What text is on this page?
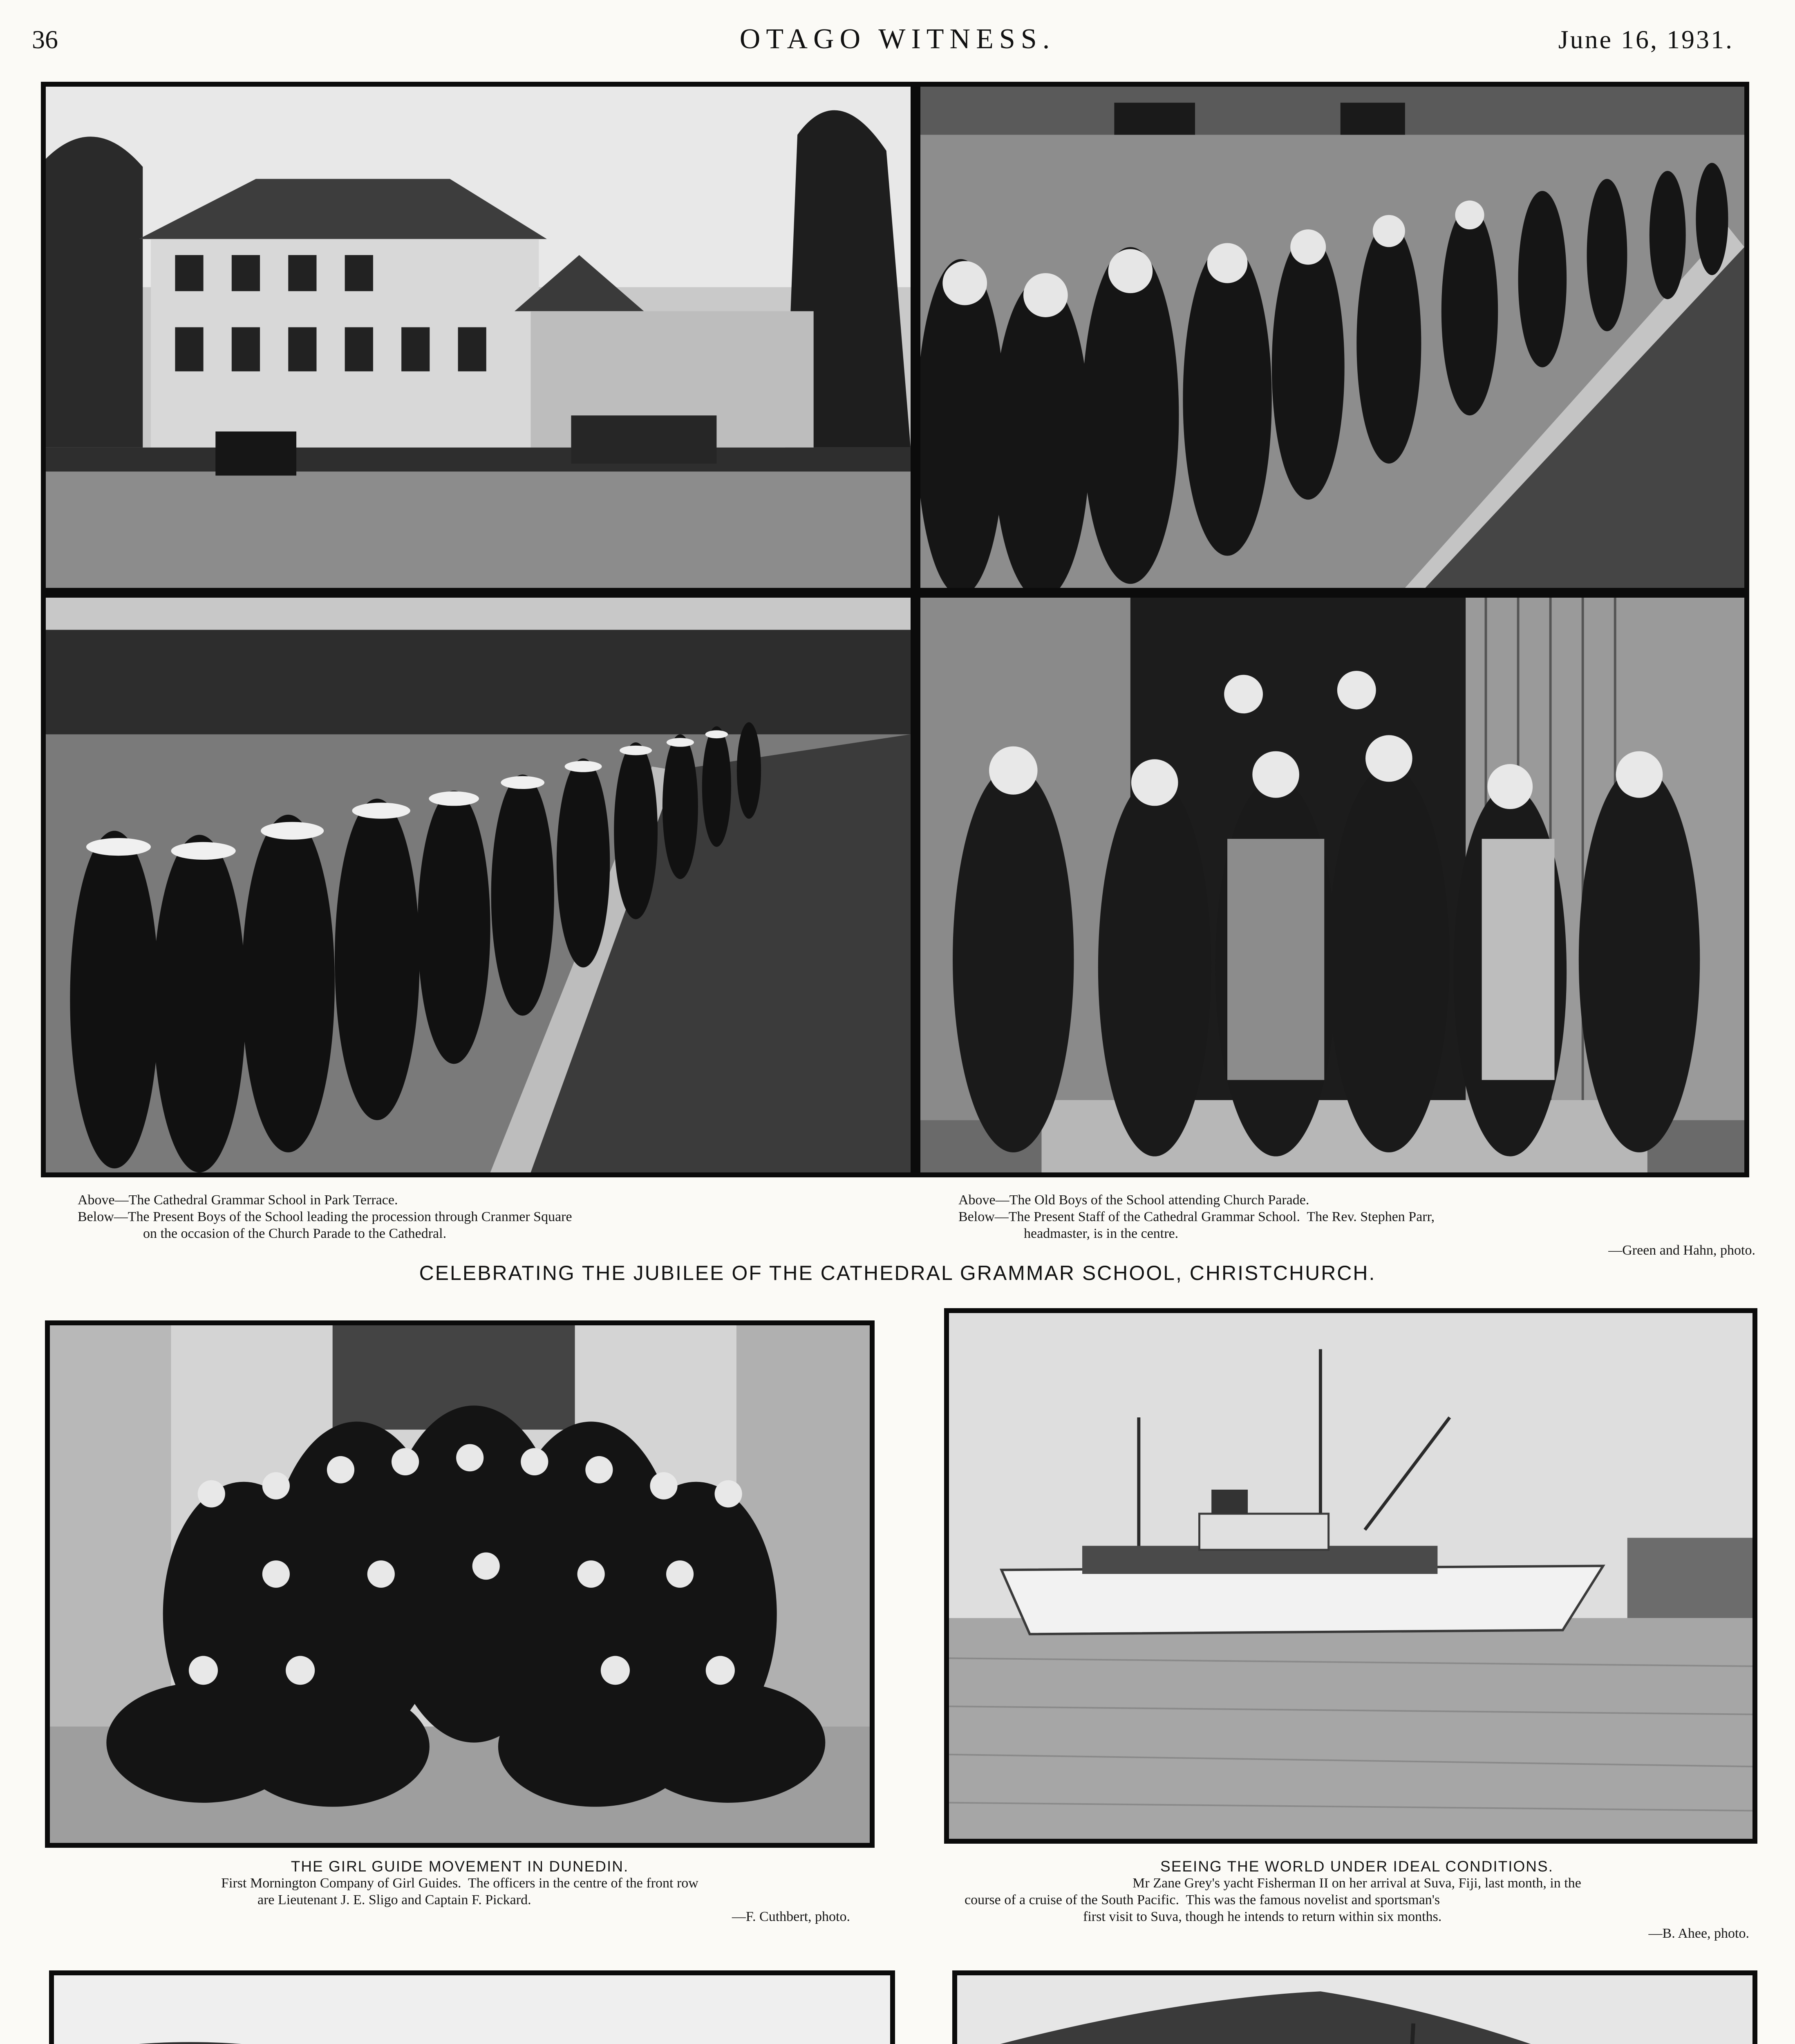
36	OTAGO WITNESS.	June 16, 1931.
Above—The Cathedral Grammar School in Park Terrace.
Below—The Present Boys of the School leading the procession through Cranmer Square
on the occasion of the Church Parade to the Cathedral.
Above—The Old Boys of the School attending Church Parade.
Below—The Present Staff of the Cathedral Grammar School.  The Rev. Stephen Parr,
headmaster, is in the centre.
—Green and Hahn, photo.
CELEBRATING THE JUBILEE OF THE CATHEDRAL GRAMMAR SCHOOL, CHRISTCHURCH.
THE GIRL GUIDE MOVEMENT IN DUNEDIN.
First Mornington Company of Girl Guides.  The officers in the centre of the front row
are Lieutenant J. E. Sligo and Captain F. Pickard.
—F. Cuthbert, photo.
SEEING THE WORLD UNDER IDEAL CONDITIONS.
Mr Zane Grey's yacht Fisherman II on her arrival at Suva, Fiji, last month, in the
course of a cruise of the South Pacific.  This was the famous novelist and sportsman's
first visit to Suva, though he intends to return within six months.
—B. Ahee, photo.
